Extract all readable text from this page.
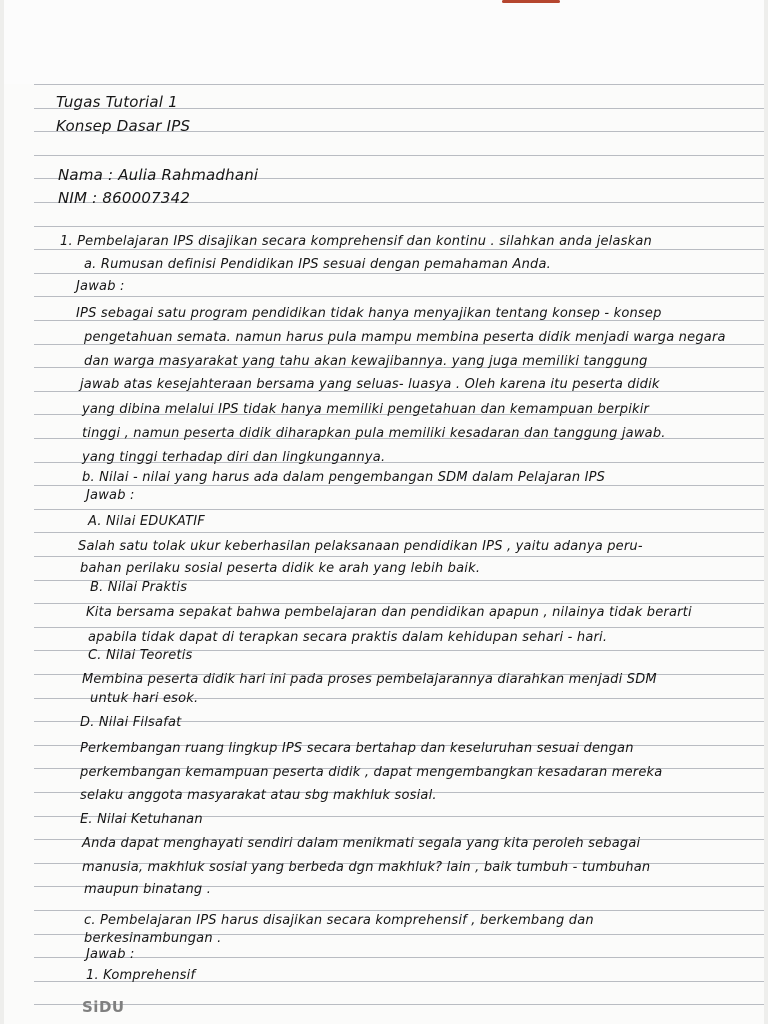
Tugas Tutorial 1
Konsep Dasar IPS
Nama : Aulia Rahmadhani
NIM : 860007342
1. Pembelajaran IPS disajikan secara komprehensif dan kontinu . silahkan anda jelaskan
a. Rumusan definisi Pendidikan IPS sesuai dengan pemahaman Anda.
Jawab :
IPS sebagai satu program pendidikan tidak hanya menyajikan tentang konsep - konsep
pengetahuan semata. namun harus pula mampu membina peserta didik menjadi warga negara
dan warga masyarakat yang tahu akan kewajibannya. yang juga memiliki tanggung
jawab atas kesejahteraan bersama yang seluas- luasya . Oleh karena itu peserta didik
yang dibina melalui IPS tidak hanya memiliki pengetahuan dan kemampuan berpikir
tinggi , namun peserta didik diharapkan pula memiliki kesadaran dan tanggung jawab.
yang tinggi terhadap diri dan lingkungannya.
b. Nilai - nilai yang harus ada dalam pengembangan SDM dalam Pelajaran IPS
Jawab :
A. Nilai EDUKATIF
Salah satu tolak ukur keberhasilan pelaksanaan pendidikan IPS , yaitu adanya peru-
bahan perilaku sosial peserta didik ke arah yang lebih baik.
B. Nilai Praktis
Kita bersama sepakat bahwa pembelajaran dan pendidikan apapun , nilainya tidak berarti
apabila tidak dapat di terapkan secara praktis dalam kehidupan sehari - hari.
C. Nilai Teoretis
Membina peserta didik hari ini pada proses pembelajarannya diarahkan menjadi SDM
untuk hari esok.
D. Nilai Filsafat
Perkembangan ruang lingkup IPS secara bertahap dan keseluruhan sesuai dengan
perkembangan kemampuan peserta didik , dapat mengembangkan kesadaran mereka
selaku anggota masyarakat atau sbg makhluk sosial.
E. Nilai Ketuhanan
Anda dapat menghayati sendiri dalam menikmati segala yang kita peroleh sebagai
manusia, makhluk sosial yang berbeda dgn makhluk? lain , baik tumbuh - tumbuhan
maupun binatang .
c. Pembelajaran IPS harus disajikan secara komprehensif , berkembang dan
berkesinambungan .
Jawab :
1. Komprehensif
SiDU
